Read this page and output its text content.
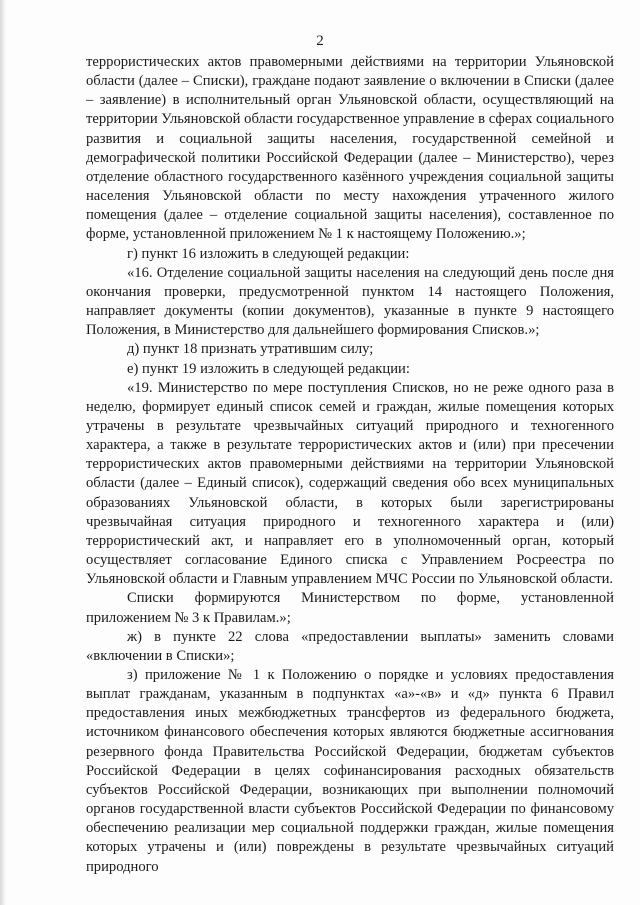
2

террористических актов правомерными действиями на территории Ульяновской области (далее – Списки), граждане подают заявление о включении в Списки (далее – заявление) в исполнительный орган Ульяновской области, осуществляющий на территории Ульяновской области государственное управление в сферах социального развития и социальной защиты населения, государственной семейной и демографической политики Российской Федерации (далее – Министерство), через отделение областного государственного казённого учреждения социальной защиты населения Ульяновской области по месту нахождения утраченного жилого помещения (далее – отделение социальной защиты населения), составленное по форме, установленной приложением № 1 к настоящему Положению.»;

г) пункт 16 изложить в следующей редакции:

«16. Отделение социальной защиты населения на следующий день после дня окончания проверки, предусмотренной пунктом 14 настоящего Положения, направляет документы (копии документов), указанные в пункте 9 настоящего Положения, в Министерство для дальнейшего формирования Списков.»;

д) пункт 18 признать утратившим силу;

е) пункт 19 изложить в следующей редакции:

«19. Министерство по мере поступления Списков, но не реже одного раза в неделю, формирует единый список семей и граждан, жилые помещения которых утрачены в результате чрезвычайных ситуаций природного и техногенного характера, а также в результате террористических актов и (или) при пресечении террористических актов правомерными действиями на территории Ульяновской области (далее – Единый список), содержащий сведения обо всех муниципальных образованиях Ульяновской области, в которых были зарегистрированы чрезвычайная ситуация природного и техногенного характера и (или) террористический акт, и направляет его в уполномоченный орган, который осуществляет согласование Единого списка с Управлением Росреестра по Ульяновской области и Главным управлением МЧС России по Ульяновской области.

Списки формируются Министерством по форме, установленной приложением № 3 к Правилам.»;

ж) в пункте 22 слова «предоставлении выплаты» заменить словами «включении в Списки»;

з) приложение № 1 к Положению о порядке и условиях предоставления выплат гражданам, указанным в подпунктах «а»-«в» и «д» пункта 6 Правил предоставления иных межбюджетных трансфертов из федерального бюджета, источником финансового обеспечения которых являются бюджетные ассигнования резервного фонда Правительства Российской Федерации, бюджетам субъектов Российской Федерации в целях софинансирования расходных обязательств субъектов Российской Федерации, возникающих при выполнении полномочий органов государственной власти субъектов Российской Федерации по финансовому обеспечению реализации мер социальной поддержки граждан, жилые помещения которых утрачены и (или) повреждены в результате чрезвычайных ситуаций природного
